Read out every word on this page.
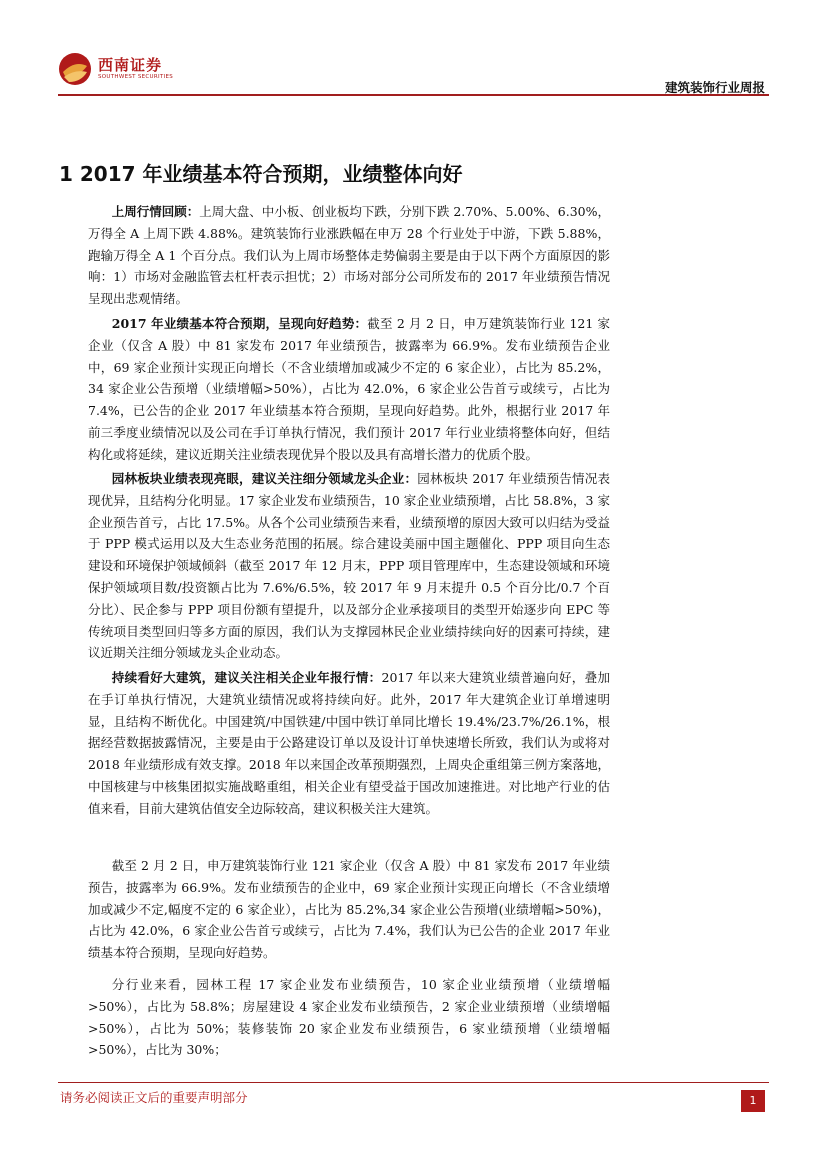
西南证券
SOUTHWEST SECURITIES
建筑装饰行业周报
1 2017 年业绩基本符合预期，业绩整体向好

上周行情回顾：上周大盘、中小板、创业板均下跌，分别下跌 2.70%、5.00%、6.30%，万得全 A 上周下跌 4.88%。建筑装饰行业涨跌幅在申万 28 个行业处于中游，下跌 5.88%，跑输万得全 A 1 个百分点。我们认为上周市场整体走势偏弱主要是由于以下两个方面原因的影响：1）市场对金融监管去杠杆表示担忧；2）市场对部分公司所发布的 2017 年业绩预告情况呈现出悲观情绪。

2017 年业绩基本符合预期，呈现向好趋势：截至 2 月 2 日，申万建筑装饰行业 121 家企业（仅含 A 股）中 81 家发布 2017 年业绩预告，披露率为 66.9%。发布业绩预告企业中，69 家企业预计实现正向增长（不含业绩增加或减少不定的 6 家企业），占比为 85.2%，34 家企业公告预增（业绩增幅>50%），占比为 42.0%，6 家企业公告首亏或续亏，占比为 7.4%，已公告的企业 2017 年业绩基本符合预期，呈现向好趋势。此外，根据行业 2017 年前三季度业绩情况以及公司在手订单执行情况，我们预计 2017 年行业业绩将整体向好，但结构化或将延续，建议近期关注业绩表现优异个股以及具有高增长潜力的优质个股。

园林板块业绩表现亮眼，建议关注细分领域龙头企业：园林板块 2017 年业绩预告情况表现优异，且结构分化明显。17 家企业发布业绩预告，10 家企业业绩预增，占比 58.8%，3 家企业预告首亏，占比 17.5%。从各个公司业绩预告来看，业绩预增的原因大致可以归结为受益于 PPP 模式运用以及大生态业务范围的拓展。综合建设美丽中国主题催化、PPP 项目向生态建设和环境保护领域倾斜（截至 2017 年 12 月末，PPP 项目管理库中，生态建设领域和环境保护领域项目数/投资额占比为 7.6%/6.5%，较 2017 年 9 月末提升 0.5 个百分比/0.7 个百分比）、民企参与 PPP 项目份额有望提升，以及部分企业承接项目的类型开始逐步向 EPC 等传统项目类型回归等多方面的原因，我们认为支撑园林民企业业绩持续向好的因素可持续，建议近期关注细分领域龙头企业动态。

持续看好大建筑，建议关注相关企业年报行情：2017 年以来大建筑业绩普遍向好，叠加在手订单执行情况，大建筑业绩情况或将持续向好。此外，2017 年大建筑企业订单增速明显，且结构不断优化。中国建筑/中国铁建/中国中铁订单同比增长 19.4%/23.7%/26.1%，根据经营数据披露情况，主要是由于公路建设订单以及设计订单快速增长所致，我们认为或将对 2018 年业绩形成有效支撑。2018 年以来国企改革预期强烈，上周央企重组第三例方案落地，中国核建与中核集团拟实施战略重组，相关企业有望受益于国改加速推进。对比地产行业的估值来看，目前大建筑估值安全边际较高，建议积极关注大建筑。

截至 2 月 2 日，申万建筑装饰行业 121 家企业（仅含 A 股）中 81 家发布 2017 年业绩预告，披露率为 66.9%。发布业绩预告的企业中，69 家企业预计实现正向增长（不含业绩增加或减少不定,幅度不定的 6 家企业），占比为 85.2%,34 家企业公告预增(业绩增幅>50%)，占比为 42.0%，6 家企业公告首亏或续亏，占比为 7.4%，我们认为已公告的企业 2017 年业绩基本符合预期，呈现向好趋势。

分行业来看，园林工程 17 家企业发布业绩预告，10 家企业业绩预增（业绩增幅>50%），占比为 58.8%；房屋建设 4 家企业发布业绩预告，2 家企业业绩预增（业绩增幅>50%），占比为 50%；装修装饰 20 家企业发布业绩预告，6 家业绩预增（业绩增幅>50%），占比为 30%；

请务必阅读正文后的重要声明部分	1
